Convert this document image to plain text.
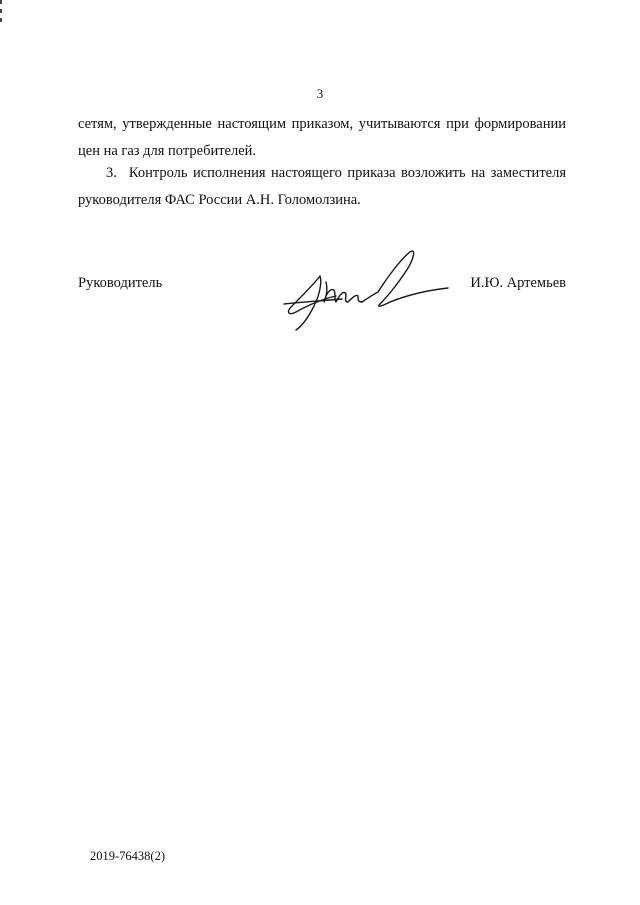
3
сетям, утвержденные настоящим приказом, учитываются при формировании цен на газ для потребителей.
3. Контроль исполнения настоящего приказа возложить на заместителя руководителя ФАС России А.Н. Голомолзина.
Руководитель	И.Ю. Артемьев
2019-76438(2)
